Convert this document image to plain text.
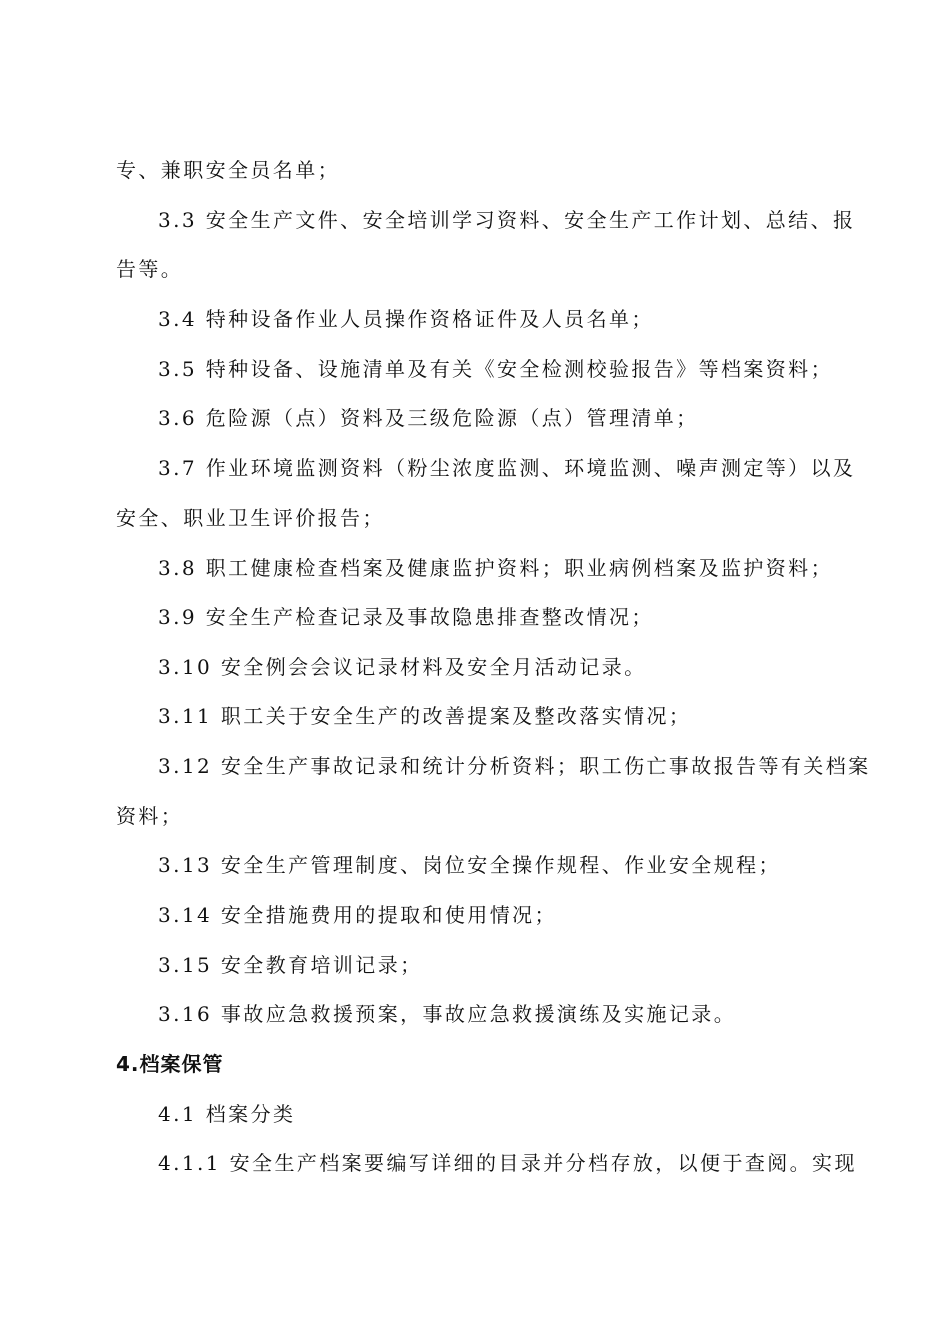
专、兼职安全员名单；
3.3 安全生产文件、安全培训学习资料、安全生产工作计划、总结、报
告等。
3.4 特种设备作业人员操作资格证件及人员名单；
3.5 特种设备、设施清单及有关《安全检测校验报告》等档案资料；
3.6 危险源（点）资料及三级危险源（点）管理清单；
3.7 作业环境监测资料（粉尘浓度监测、环境监测、噪声测定等）以及
安全、职业卫生评价报告；
3.8 职工健康检查档案及健康监护资料；职业病例档案及监护资料；
3.9 安全生产检查记录及事故隐患排查整改情况；
3.10 安全例会会议记录材料及安全月活动记录。
3.11 职工关于安全生产的改善提案及整改落实情况；
3.12 安全生产事故记录和统计分析资料；职工伤亡事故报告等有关档案
资料；
3.13 安全生产管理制度、岗位安全操作规程、作业安全规程；
3.14 安全措施费用的提取和使用情况；
3.15 安全教育培训记录；
3.16 事故应急救援预案，事故应急救援演练及实施记录。
4.档案保管
4.1 档案分类
4.1.1 安全生产档案要编写详细的目录并分档存放，以便于查阅。实现
